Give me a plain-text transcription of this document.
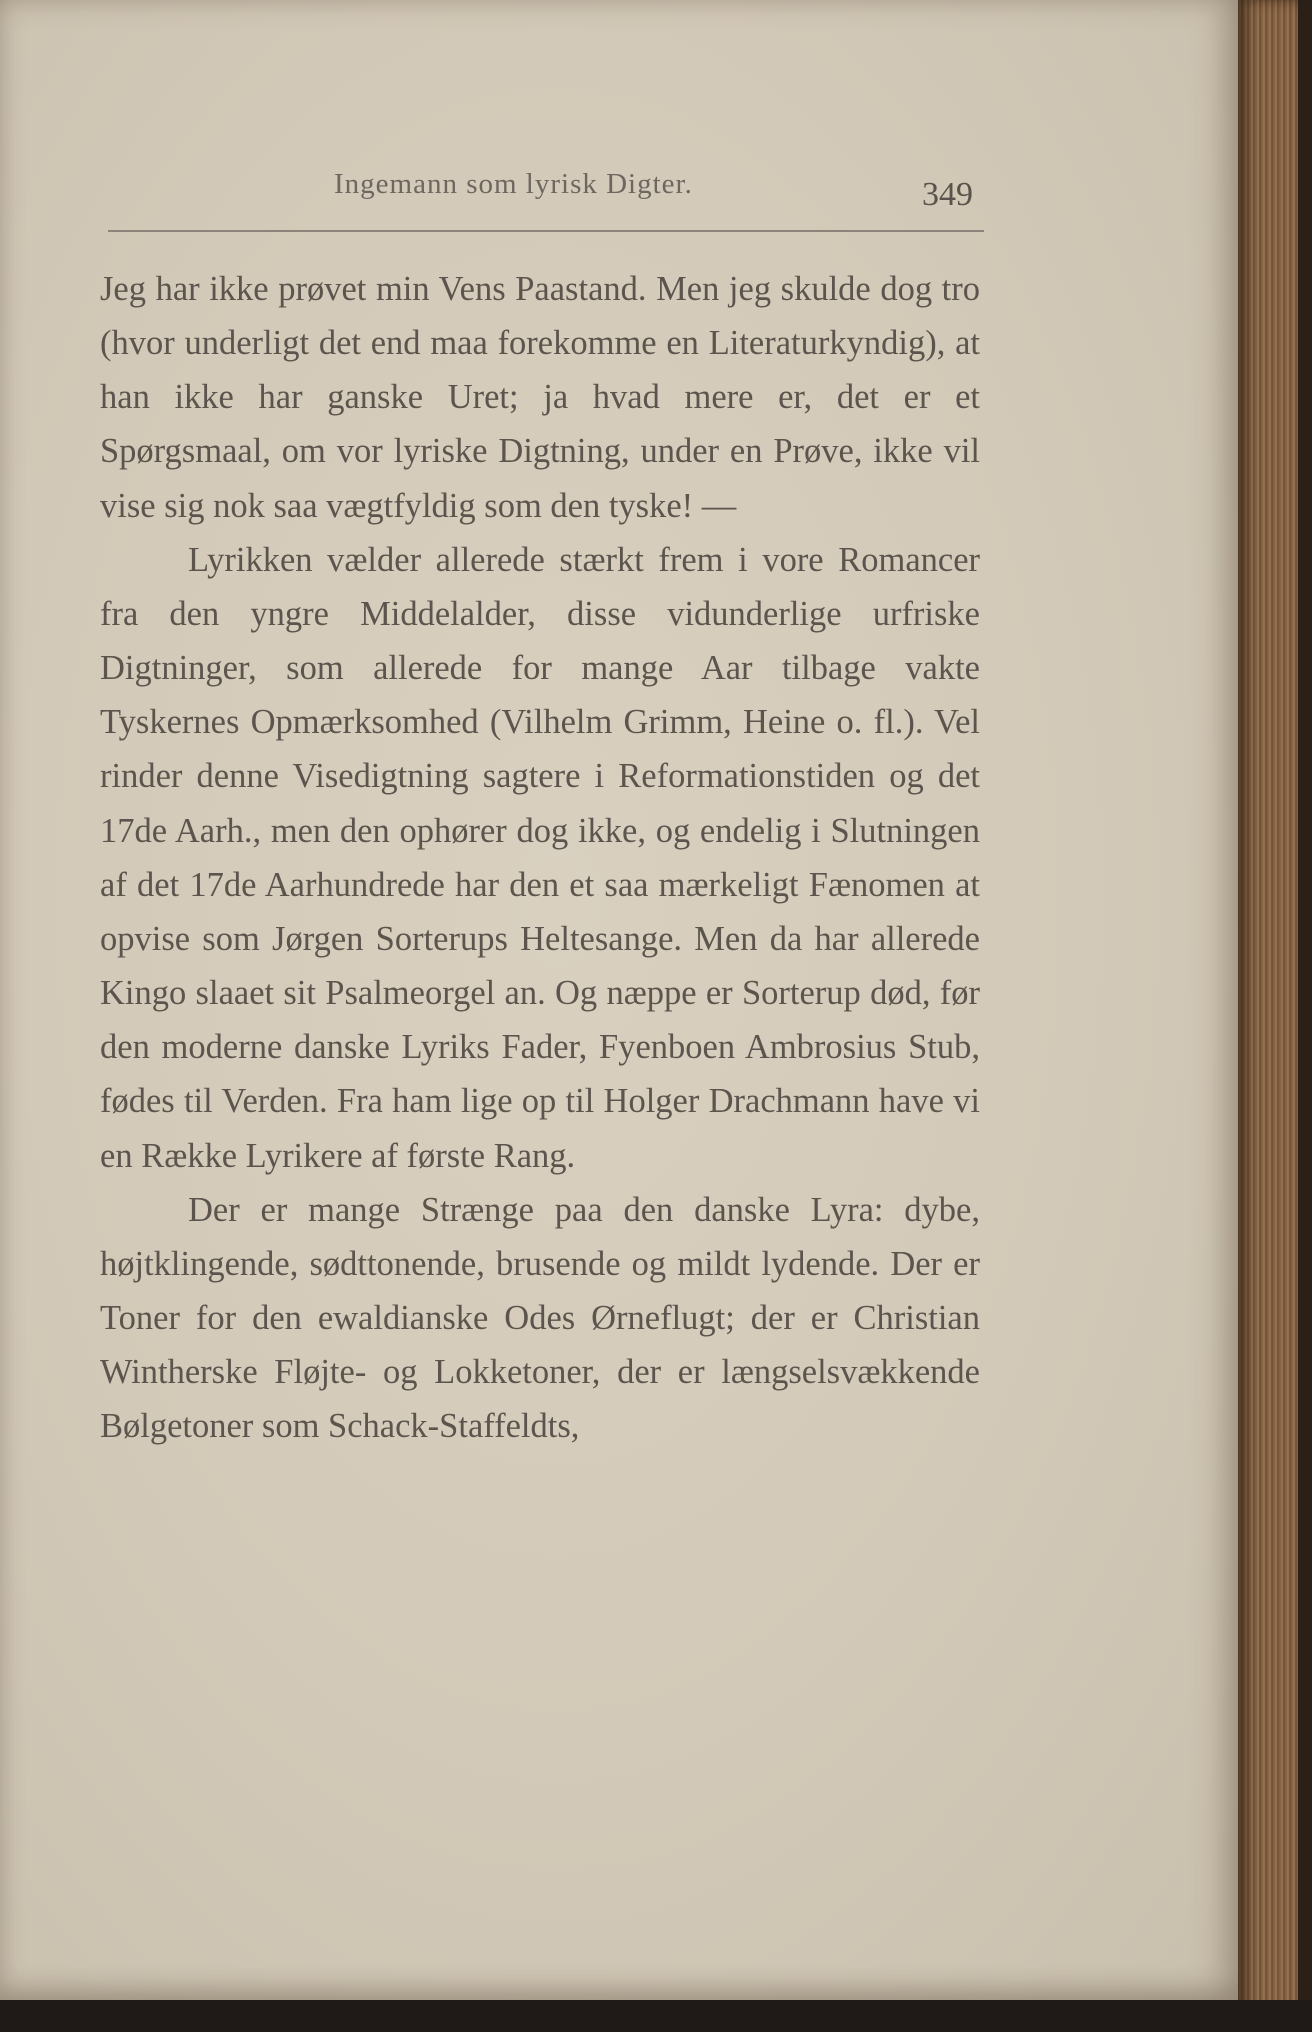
Ingemann som lyrisk Digter.	349

Jeg har ikke prøvet min Vens Paastand. Men jeg skulde dog tro (hvor underligt det end maa forekomme en Literaturkyndig), at han ikke har ganske Uret; ja hvad mere er, det er et Spørgsmaal, om vor lyriske Digtning, under en Prøve, ikke vil vise sig nok saa vægtfyldig som den tyske! —

Lyrikken vælder allerede stærkt frem i vore Romancer fra den yngre Middelalder, disse vidunderlige urfriske Digtninger, som allerede for mange Aar tilbage vakte Tyskernes Opmærksomhed (Vilhelm Grimm, Heine o. fl.). Vel rinder denne Visedigtning sagtere i Reformationstiden og det 17de Aarh., men den ophører dog ikke, og endelig i Slutningen af det 17de Aarhundrede har den et saa mærkeligt Fænomen at opvise som Jørgen Sorterups Heltesange. Men da har allerede Kingo slaaet sit Psalmeorgel an. Og næppe er Sorterup død, før den moderne danske Lyriks Fader, Fyenboen Ambrosius Stub, fødes til Verden. Fra ham lige op til Holger Drachmann have vi en Række Lyrikere af første Rang.

Der er mange Strænge paa den danske Lyra: dybe, højtklingende, sødttonende, brusende og mildt lydende. Der er Toner for den ewaldianske Odes Ørneflugt; der er Christian Wintherske Fløjte- og Lokketoner, der er længselsvækkende Bølgetoner som Schack-Staffeldts,
